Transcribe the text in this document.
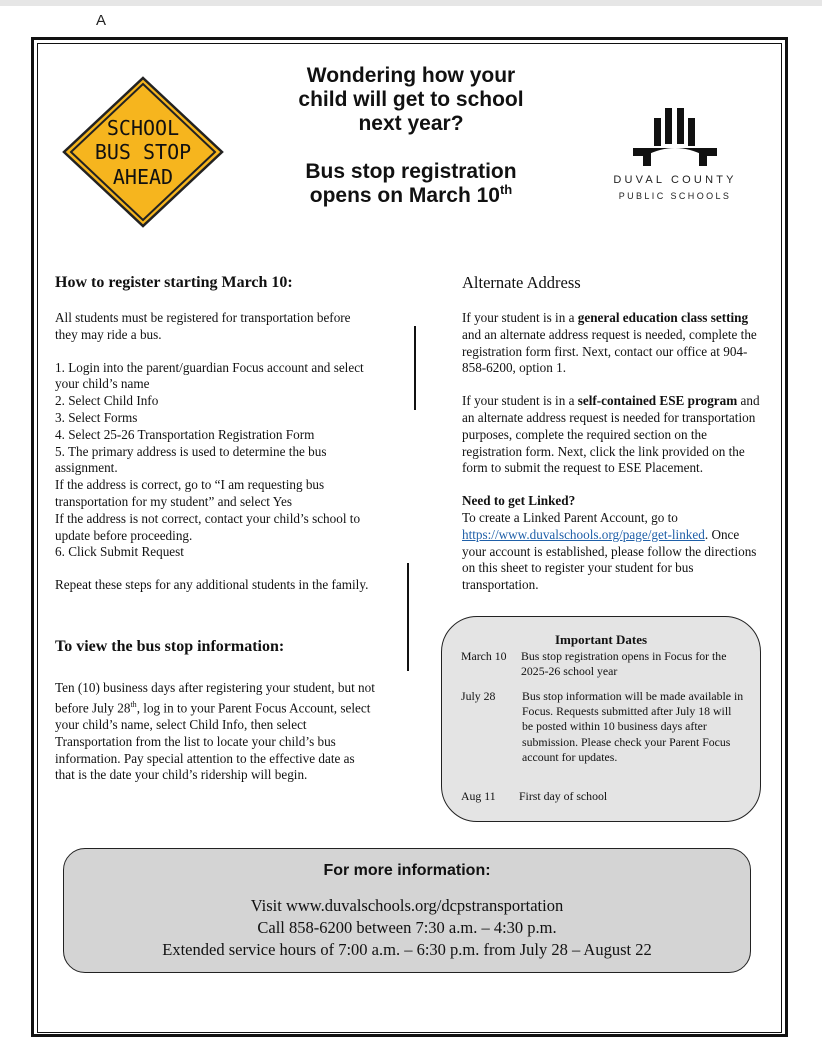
A
SCHOOL
BUS STOP
AHEAD
Wondering how your
child will get to school
next year?
Bus stop registration
opens on March 10th
DUVAL COUNTY
PUBLIC SCHOOLS
How to register starting March 10:

All students must be registered for transportation before they may ride a bus.

1. Login into the parent/guardian Focus account and select your child’s name

2. Select Child Info

3. Select Forms

4. Select 25-26 Transportation Registration Form

5. The primary address is used to determine the bus assignment.

If the address is correct, go to “I am requesting bus transportation for my student” and select Yes

If the address is not correct, contact your child’s school to update before proceeding.

6. Click Submit Request

Repeat these steps for any additional students in the family.

To view the bus stop information:

Ten (10) business days after registering your student, but not before July 28th, log in to your Parent Focus Account, select your child’s name, select Child Info, then select Transportation from the list to locate your child’s bus information. Pay special attention to the effective date as that is the date your child’s ridership will begin.

Alternate Address

If your student is in a general education class setting and an alternate address request is needed, complete the registration form first. Next, contact our office at 904-858-6200, option 1.

If your student is in a self-contained ESE program and an alternate address request is needed for transportation purposes, complete the required section on the registration form. Next, click the link provided on the form to submit the request to ESE Placement.

Need to get Linked?

To create a Linked Parent Account, go to https://www.duvalschools.org/page/get-linked. Once your account is established, please follow the directions on this sheet to register your student for bus transportation.

Important Dates
March 10	Bus stop registration opens in Focus for the 2025-26 school year
July 28	Bus stop information will be made available in Focus. Requests submitted after July 18 will be posted within 10 business days after submission. Please check your Parent Focus account for updates.
Aug 11	First day of school
For more information:
Visit www.duvalschools.org/dcpstransportation
Call 858-6200 between 7:30 a.m. – 4:30 p.m.
Extended service hours of 7:00 a.m. – 6:30 p.m. from July 28 – August 22
